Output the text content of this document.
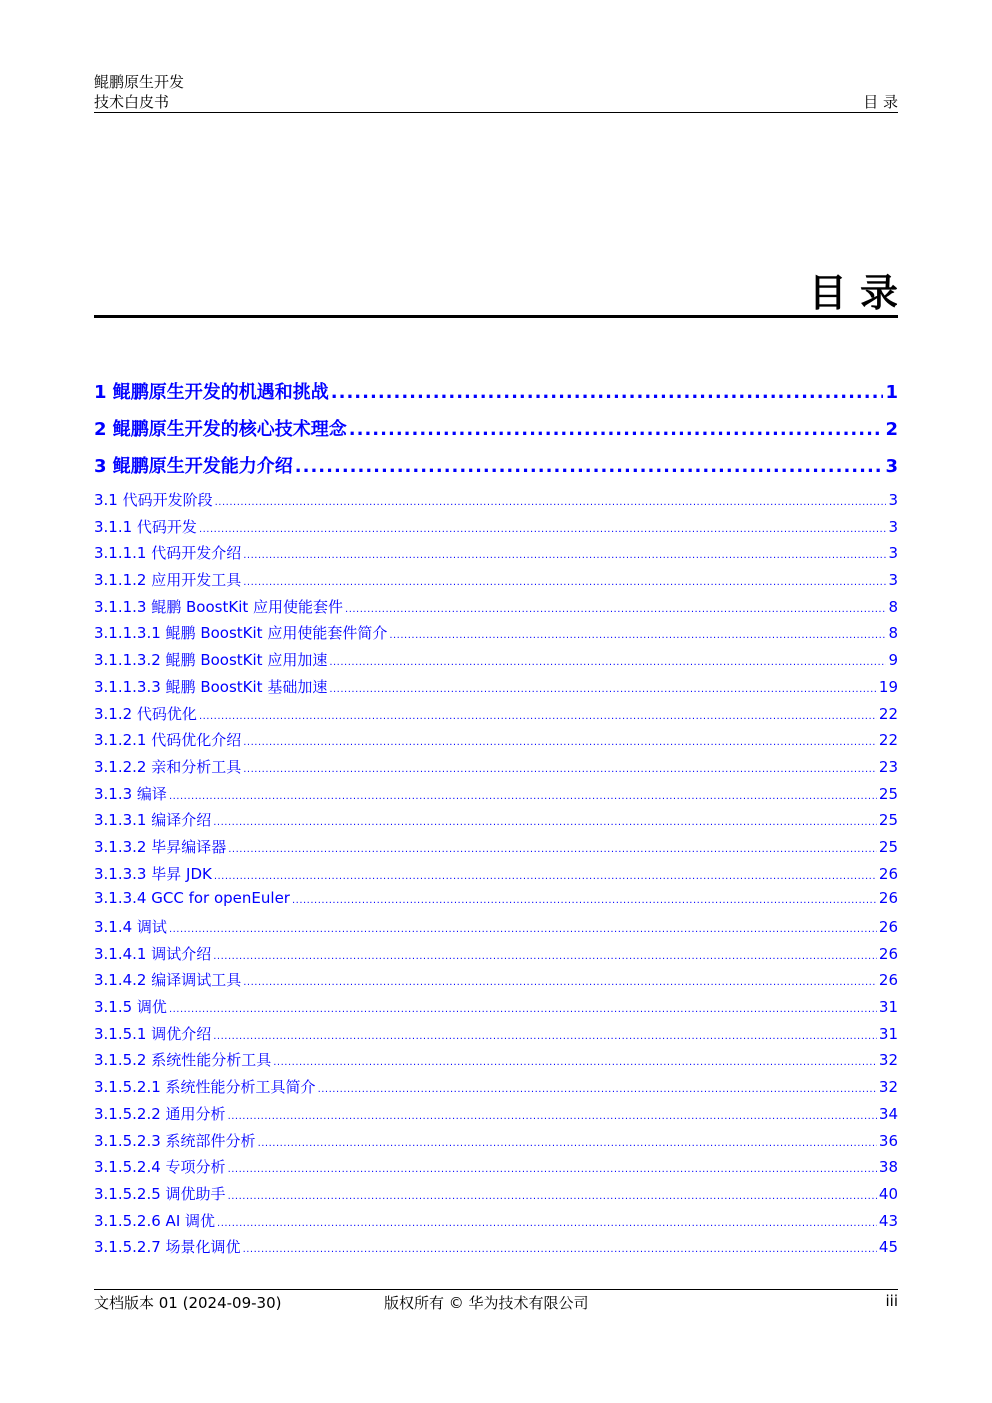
鲲鹏原生开发
技术白皮书	目 录
目 录
1 鲲鹏原生开发的机遇和挑战 .....	1
2 鲲鹏原生开发的核心技术理念 .....	2
3 鲲鹏原生开发能力介绍 .....	3
3.1 代码开发阶段 .....	3
3.1.1 代码开发 .....	3
3.1.1.1 代码开发介绍 .....	3
3.1.1.2 应用开发工具 .....	3
3.1.1.3 鲲鹏 BoostKit 应用使能套件 .....	8
3.1.1.3.1 鲲鹏 BoostKit 应用使能套件简介 .....	8
3.1.1.3.2 鲲鹏 BoostKit 应用加速 .....	9
3.1.1.3.3 鲲鹏 BoostKit 基础加速 .....	19
3.1.2 代码优化 .....	22
3.1.2.1 代码优化介绍 .....	22
3.1.2.2 亲和分析工具 .....	23
3.1.3 编译 .....	25
3.1.3.1 编译介绍 .....	25
3.1.3.2 毕昇编译器 .....	25
3.1.3.3 毕昇 JDK .....	26
3.1.3.4 GCC for openEuler .....	26
3.1.4 调试 .....	26
3.1.4.1 调试介绍 .....	26
3.1.4.2 编译调试工具 .....	26
3.1.5 调优 .....	31
3.1.5.1 调优介绍 .....	31
3.1.5.2 系统性能分析工具 .....	32
3.1.5.2.1 系统性能分析工具简介 .....	32
3.1.5.2.2 通用分析 .....	34
3.1.5.2.3 系统部件分析 .....	36
3.1.5.2.4 专项分析 .....	38
3.1.5.2.5 调优助手 .....	40
3.1.5.2.6 AI 调优 .....	43
3.1.5.2.7 场景化调优 .....	45
文档版本 01 (2024-09-30)	版权所有 © 华为技术有限公司	iii
